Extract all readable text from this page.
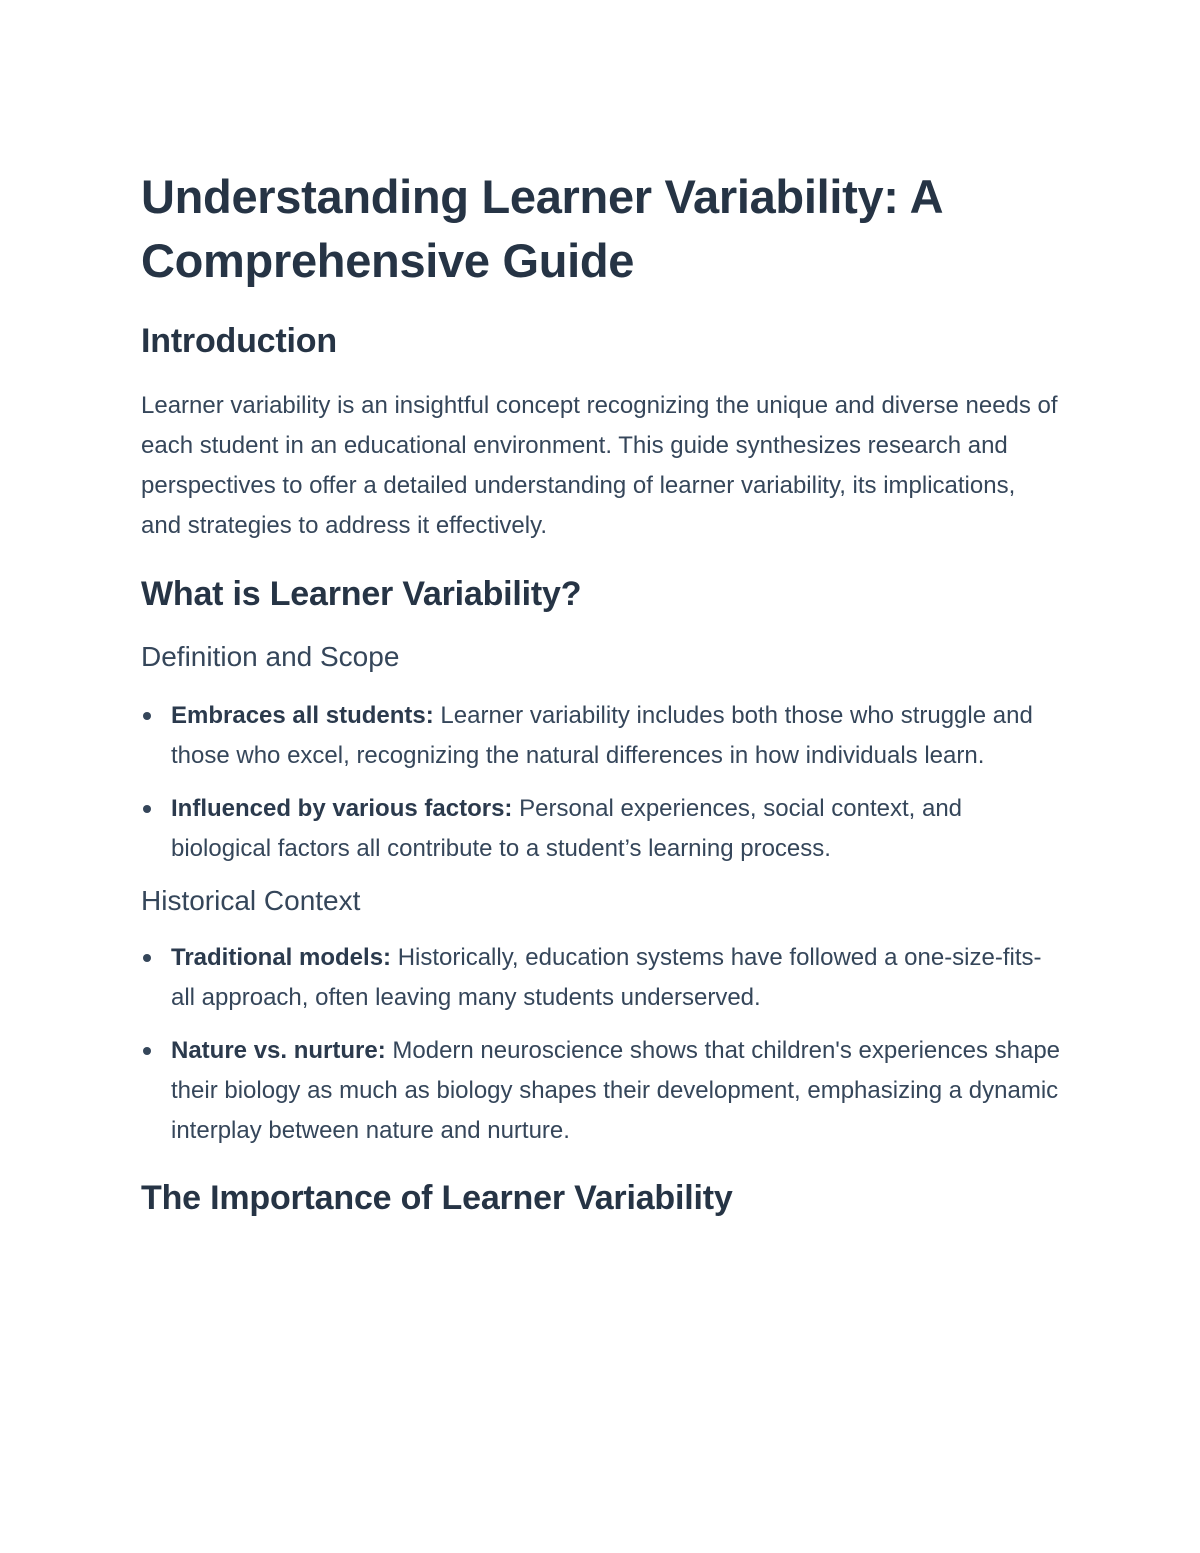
Understanding Learner Variability: A Comprehensive Guide
Introduction

Learner variability is an insightful concept recognizing the unique and diverse needs of each student in an educational environment. This guide synthesizes research and perspectives to offer a detailed understanding of learner variability, its implications, and strategies to address it effectively.

What is Learner Variability?
Definition and Scope
Embraces all students: Learner variability includes both those who struggle and those who excel, recognizing the natural differences in how individuals learn.
Influenced by various factors: Personal experiences, social context, and biological factors all contribute to a student’s learning process.
Historical Context
Traditional models: Historically, education systems have followed a one-size-fits-all approach, often leaving many students underserved.
Nature vs. nurture: Modern neuroscience shows that children's experiences shape their biology as much as biology shapes their development, emphasizing a dynamic interplay between nature and nurture.
The Importance of Learner Variability
